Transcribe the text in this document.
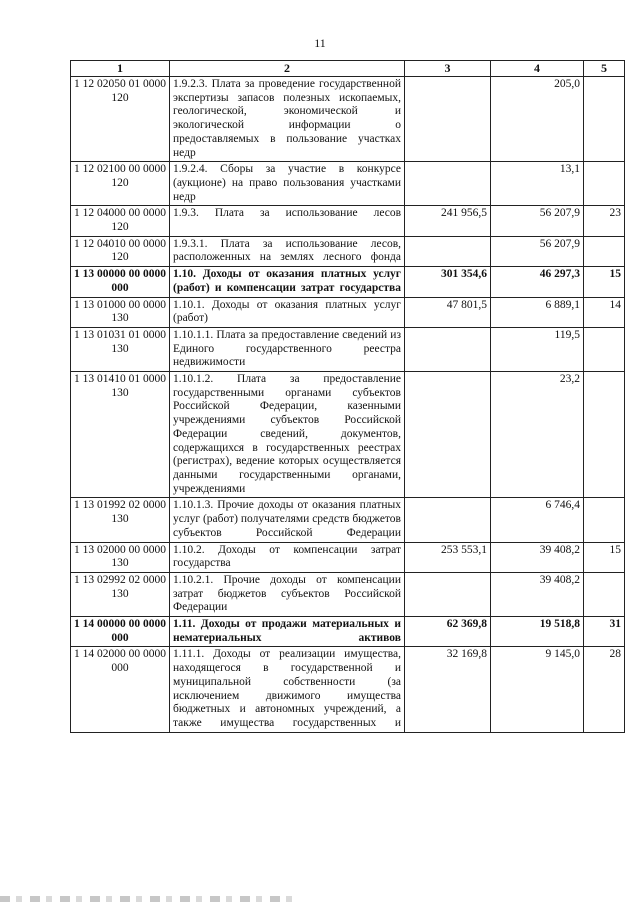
11
1	2	3	4	5
1 12 02050 01 0000 120	1.9.2.3. Плата за проведение государственной экспертизы запасов полезных ископаемых, геологической, экономической и экологической информации о предоставляемых в пользование участках недр		205,0	
1 12 02100 00 0000 120	1.9.2.4. Сборы за участие в конкурсе (аукционе) на право пользования участками недр		13,1	
1 12 04000 00 0000 120	1.9.3. Плата за использование лесов	241 956,5	56 207,9	23
1 12 04010 00 0000 120	1.9.3.1. Плата за использование лесов, расположенных на землях лесного фонда		56 207,9	
1 13 00000 00 0000 000	1.10. Доходы от оказания платных услуг (работ) и компенсации затрат государства	301 354,6	46 297,3	15
1 13 01000 00 0000 130	1.10.1. Доходы от оказания платных услуг (работ)	47 801,5	6 889,1	14
1 13 01031 01 0000 130	1.10.1.1. Плата за предоставление сведений из Единого государственного реестра недвижимости		119,5	
1 13 01410 01 0000 130	1.10.1.2. Плата за предоставление государственными органами субъектов Российской Федерации, казенными учреждениями субъектов Российской Федерации сведений, документов, содержащихся в государственных реестрах (регистрах), ведение которых осуществляется данными государственными органами, учреждениями		23,2	
1 13 01992 02 0000 130	1.10.1.3. Прочие доходы от оказания платных услуг (работ) получателями средств бюджетов субъектов Российской Федерации		6 746,4	
1 13 02000 00 0000 130	1.10.2. Доходы от компенсации затрат государства	253 553,1	39 408,2	15
1 13 02992 02 0000 130	1.10.2.1. Прочие доходы от компенсации затрат бюджетов субъектов Российской Федерации		39 408,2	
1 14 00000 00 0000 000	1.11. Доходы от продажи материальных и нематериальных активов	62 369,8	19 518,8	31
1 14 02000 00 0000 000	1.11.1. Доходы от реализации имущества, находящегося в государственной и муниципальной собственности (за исключением движимого имущества бюджетных и автономных учреждений, а также имущества государственных и	32 169,8	9 145,0	28
